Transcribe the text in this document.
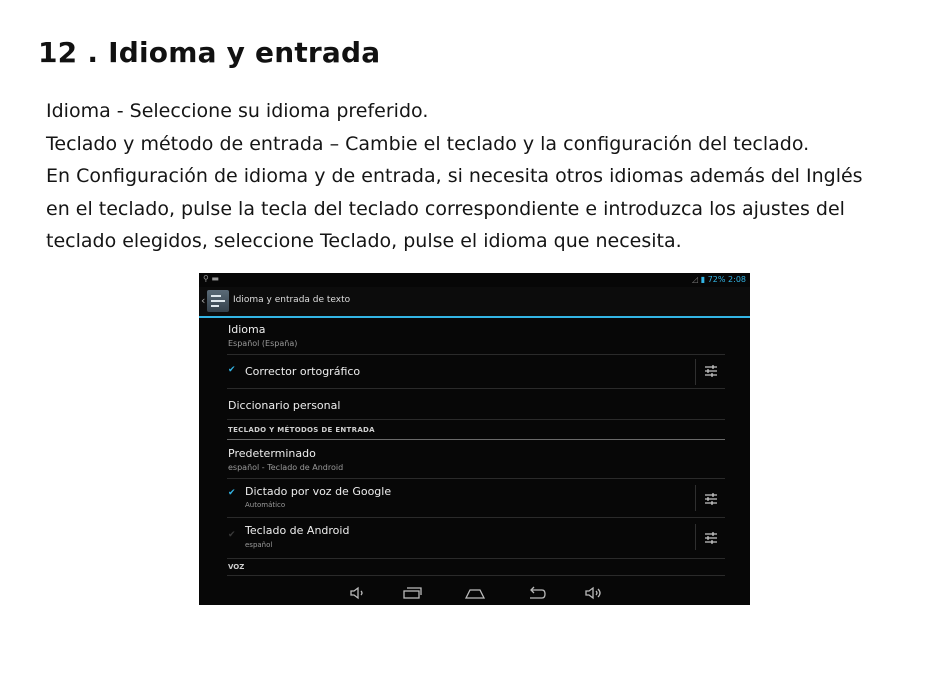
12 . Idioma y entrada
Idioma - Seleccione su idioma preferido.
Teclado y método de entrada – Cambie el teclado y la configuración del teclado.
En Configuración de idioma y de entrada, si necesita otros idiomas además del Inglés
en el teclado, pulse la tecla del teclado correspondiente e introduzca los ajustes del
teclado elegidos, seleccione Teclado, pulse el idioma que necesita.
⚲ ▬	◿ ▮ 72% 2:08
‹	Idioma y entrada de texto
Idioma
Español (España)
✔ Corrector ortográfico
Diccionario personal
TECLADO Y MÉTODOS DE ENTRADA
Predeterminado
español - Teclado de Android
✔ Dictado por voz de Google
Automático
✔ Teclado de Android
español
VOZ
